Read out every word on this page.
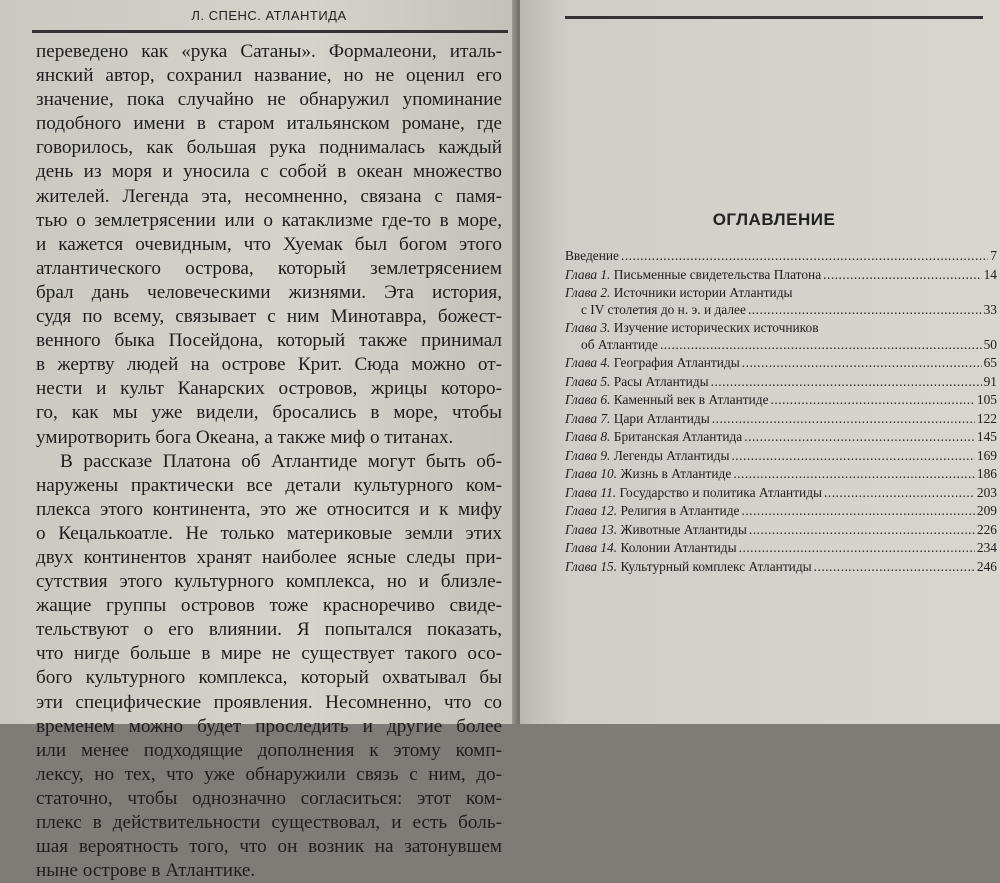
Л. СПЕНС. АТЛАНТИДА
переведено как «рука Сатаны». Формалеони, италь-
янский автор, сохранил название, но не оценил его
значение, пока случайно не обнаружил упоминание
подобного имени в старом итальянском романе, где
говорилось, как большая рука поднималась каждый
день из моря и уносила с собой в океан множество
жителей. Легенда эта, несомненно, связана с памя-
тью о землетрясении или о катаклизме где-то в море,
и кажется очевидным, что Хуемак был богом этого
атлантического острова, который землетрясением
брал дань человеческими жизнями. Эта история,
судя по всему, связывает с ним Минотавра, божест-
венного быка Посейдона, который также принимал
в жертву людей на острове Крит. Сюда можно от-
нести и культ Канарских островов, жрицы которо-
го, как мы уже видели, бросались в море, чтобы
умиротворить бога Океана, а также миф о титанах.
В рассказе Платона об Атлантиде могут быть об-
наружены практически все детали культурного ком-
плекса этого континента, это же относится и к мифу
о Кецалькоатле. Не только материковые земли этих
двух континентов хранят наиболее ясные следы при-
сутствия этого культурного комплекса, но и близле-
жащие группы островов тоже красноречиво свиде-
тельствуют о его влиянии. Я попытался показать,
что нигде больше в мире не существует такого осо-
бого культурного комплекса, который охватывал бы
эти специфические проявления. Несомненно, что со
временем можно будет проследить и другие более
или менее подходящие дополнения к этому комп-
лексу, но тех, что уже обнаружили связь с ним, до-
статочно, чтобы однозначно согласиться: этот ком-
плекс в действительности существовал, и есть боль-
шая вероятность того, что он возник на затонувшем
ныне острове в Атлантике.
ОГЛАВЛЕНИЕ
Введение .....	7
Глава 1. Письменные свидетельства Платона .....	14
Глава 2. Источники истории Атлантиды
с IV столетия до н. э. и далее .....	33
Глава 3. Изучение исторических источников
об Атлантиде .....	50
Глава 4. География Атлантиды .....	65
Глава 5. Расы Атлантиды .....	91
Глава 6. Каменный век в Атлантиде .....	105
Глава 7. Цари Атлантиды .....	122
Глава 8. Британская Атлантида .....	145
Глава 9. Легенды Атлантиды .....	169
Глава 10. Жизнь в Атлантиде .....	186
Глава 11. Государство и политика Атлантиды .....	203
Глава 12. Религия в Атлантиде .....	209
Глава 13. Животные Атлантиды .....	226
Глава 14. Колонии Атлантиды .....	234
Глава 15. Культурный комплекс Атлантиды .....	246
